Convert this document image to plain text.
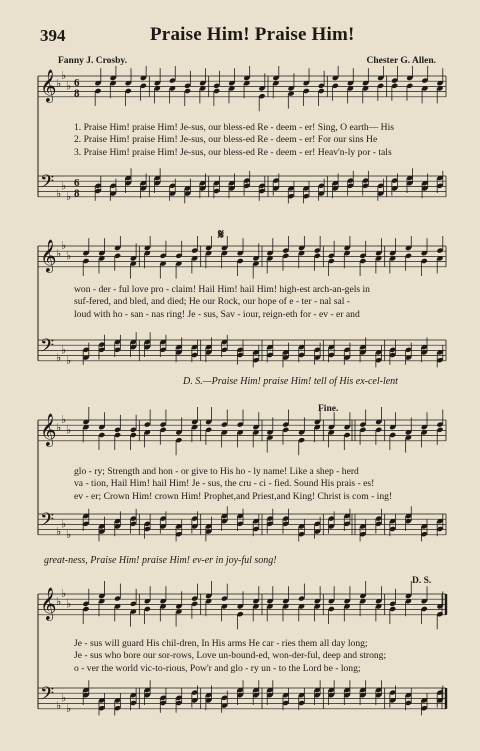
394	Praise Him! Praise Him!
Fanny J. Crosby.	Chester G. Allen.
𝄞 ♭
♭
♭ 6
8
𝄢 ♭
♭
♭
6
8
1. Praise Him! praise Him! Je-sus, our bless-ed Re - deem - er! Sing, O earth— His
2. Praise Him! praise Him! Je-sus, our bless-ed Re - deem - er! For our sins He
3. Praise Him! praise Him! Je-sus, our bless-ed Re - deem - er! Heav'n-ly por - tals
𝄞 ♭
♭
♭
𝄢 ♭
♭
♭
𝄋
won - der - ful love pro - claim! Hail Him! hail Him! high-est arch-an-gels in
suf-fered, and bled, and died; He our Rock, our hope of e - ter - nal sal -
loud with ho - san - nas ring! Je - sus, Sav - iour, reign-eth for - ev - er and
D. S.—Praise Him! praise Him! tell of His ex-cel-lent
𝄞 ♭
♭
♭
𝄢 ♭
♭
♭
Fine.
glo - ry; Strength and hon - or give to His ho - ly name! Like a shep - herd
va - tion, Hail Him! hail Him! Je - sus, the cru - ci - fied. Sound His prais - es!
ev - er; Crown Him! crown Him! Prophet,and Priest,and King! Christ is com - ing!
great-ness, Praise Him! praise Him! ev-er in joy-ful song!
𝄞 ♭
♭
♭
𝄢 ♭
♭
♭
D. S.
Je - sus will guard His chil-dren, In His arms He car - ries them all day long;
Je - sus who bore our sor-rows, Love un-bound-ed, won-der-ful, deep and strong;
o - ver the world vic-to-rious, Pow'r and glo - ry un - to the Lord be - long;
